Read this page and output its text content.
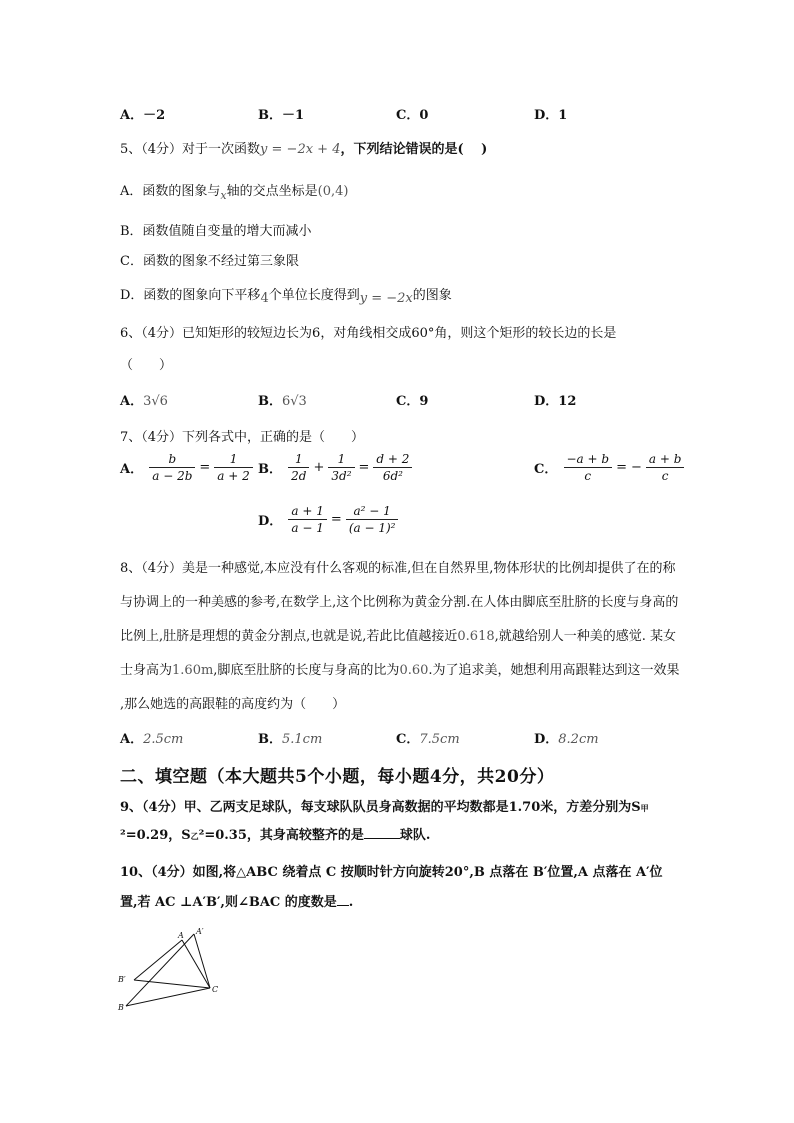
A．－2	B．－1	C．0	D．1
5、（4分）对于一次函数y = −2x + 4，下列结论错误的是(　 )
A．函数的图象与$_x$轴的交点坐标是(0,4)
B．函数值随自变量的增大而减小
C．函数的图象不经过第三象限
D．函数的图象向下平移4个单位长度得到y = −2x的图象
6、（4分）已知矩形的较短边长为6，对角线相交成60°角，则这个矩形的较长边的长是
（　　）
A．3√6	B．6√3	C．9	D．12
7、（4分）下列各式中，正确的是（　　）
A． $\frac{b}{a - 2b} = \frac{1}{a + 2}$ B． $\frac{1}{2d} + \frac{1}{\text{3d²}} = \frac{d + 2}{\text{6d²}}$	C． $\frac{-a + b}{c}$ = − $\frac{a + b}{c}$
D． $\frac{a + 1}{a - 1} = \frac{\text{a² − 1}}{\text{(a − 1)²}}$
8、（4分）美是一种感觉,本应没有什么客观的标准,但在自然界里,物体形状的比例却提供了在的称与协调上的一种美感的参考,在数学上,这个比例称为黄金分割.在人体由脚底至肚脐的长度与身高的比例上,肚脐是理想的黄金分割点,也就是说,若此比值越接近0.618,就越给别人一种美的感觉. 某女士身高为1.60m,脚底至肚脐的长度与身高的比为0.60.为了追求美，她想利用高跟鞋达到这一效果 ,那么她选的高跟鞋的高度约为（　　）
A．2.5cm	B．5.1cm	C．7.5cm	D．8.2cm
二、填空题（本大题共5个小题，每小题4分，共20分）
9、（4分）甲、乙两支足球队，每支球队队员身高数据的平均数都是1.70米，方差分别为S甲²=0.29，S乙²=0.35，其身高较整齐的是	球队.
10、（4分）如图,将△ABC 绕着点 C 按顺时针方向旋转20°,B 点落在 B′位置,A 点落在 A′位置,若 AC ⊥A′B′,则∠BAC 的度数是 .
A A′
B′
B
C
